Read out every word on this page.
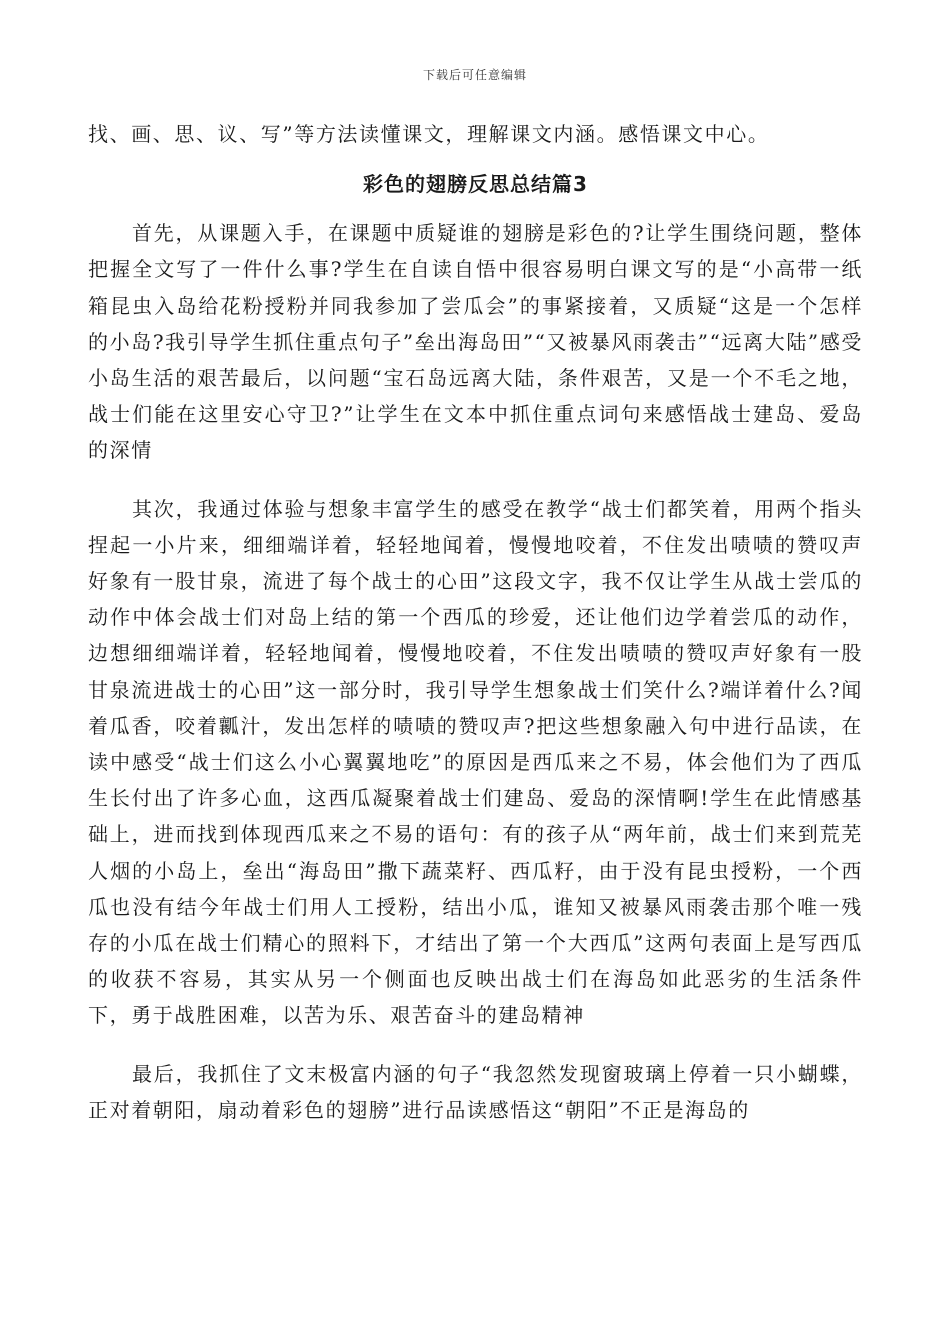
下载后可任意编辑

找、画、思、议、写”等方法读懂课文，理解课文内涵。感悟课文中心。

彩色的翅膀反思总结篇3

首先，从课题入手，在课题中质疑谁的翅膀是彩色的?让学生围绕问题，整体把握全文写了一件什么事?学生在自读自悟中很容易明白课文写的是“小高带一纸箱昆虫入岛给花粉授粉并同我参加了尝瓜会”的事紧接着，又质疑“这是一个怎样的小岛?我引导学生抓住重点句子”垒出海岛田”“又被暴风雨袭击”“远离大陆”感受小岛生活的艰苦最后，以问题“宝石岛远离大陆，条件艰苦，又是一个不毛之地，战士们能在这里安心守卫?”让学生在文本中抓住重点词句来感悟战士建岛、爱岛的深情

其次，我通过体验与想象丰富学生的感受在教学“战士们都笑着，用两个指头捏起一小片来，细细端详着，轻轻地闻着，慢慢地咬着，不住发出啧啧的赞叹声好象有一股甘泉，流进了每个战士的心田”这段文字，我不仅让学生从战士尝瓜的动作中体会战士们对岛上结的第一个西瓜的珍爱，还让他们边学着尝瓜的动作，边想细细端详着，轻轻地闻着，慢慢地咬着，不住发出啧啧的赞叹声好象有一股甘泉流进战士的心田”这一部分时，我引导学生想象战士们笑什么?端详着什么?闻着瓜香，咬着瓤汁，发出怎样的啧啧的赞叹声?把这些想象融入句中进行品读，在读中感受“战士们这么小心翼翼地吃”的原因是西瓜来之不易，体会他们为了西瓜生长付出了许多心血，这西瓜凝聚着战士们建岛、爱岛的深情啊!学生在此情感基础上，进而找到体现西瓜来之不易的语句：有的孩子从“两年前，战士们来到荒芜人烟的小岛上，垒出“海岛田”撒下蔬菜籽、西瓜籽，由于没有昆虫授粉，一个西瓜也没有结今年战士们用人工授粉，结出小瓜，谁知又被暴风雨袭击那个唯一残存的小瓜在战士们精心的照料下，才结出了第一个大西瓜”这两句表面上是写西瓜的收获不容易，其实从另一个侧面也反映出战士们在海岛如此恶劣的生活条件下，勇于战胜困难，以苦为乐、艰苦奋斗的建岛精神

最后，我抓住了文末极富内涵的句子“我忽然发现窗玻璃上停着一只小蝴蝶，正对着朝阳，扇动着彩色的翅膀”进行品读感悟这“朝阳”不正是海岛的
